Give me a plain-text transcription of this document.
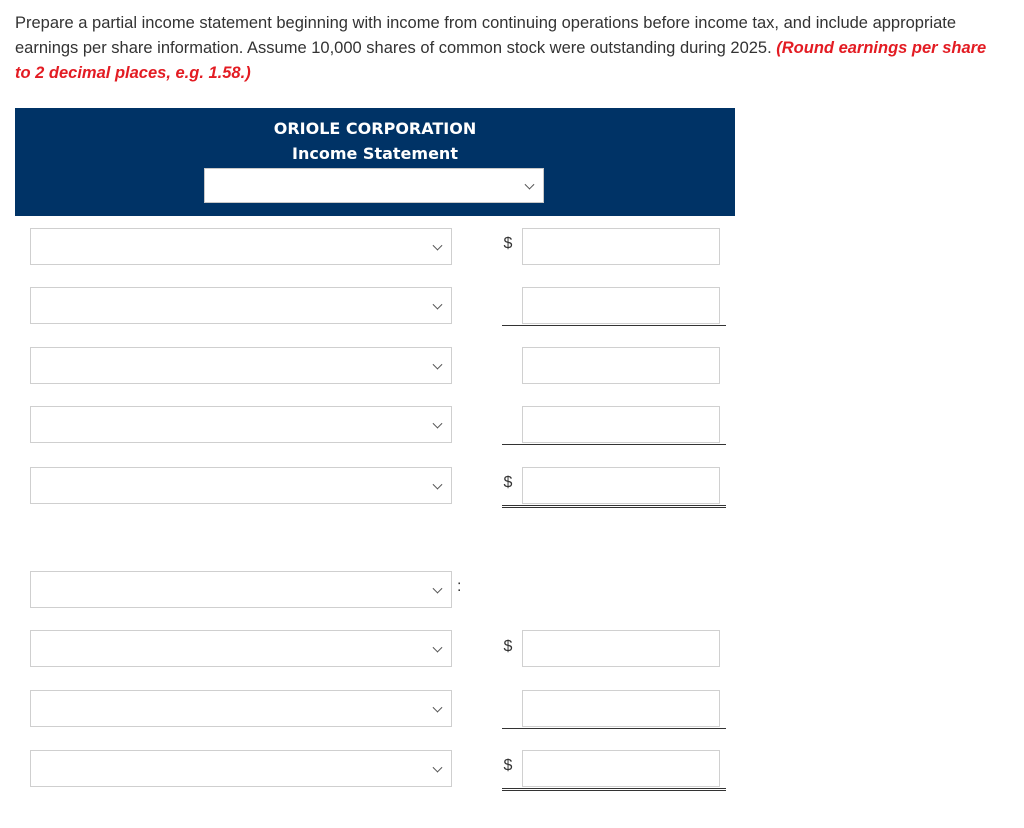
Prepare a partial income statement beginning with income from continuing operations before income tax, and include appropriate earnings per share information. Assume 10,000 shares of common stock were outstanding during 2025. (Round earnings per share to 2 decimal places, e.g. 1.58.)
ORIOLE CORPORATION
Income Statement
$
$
:
$
$
